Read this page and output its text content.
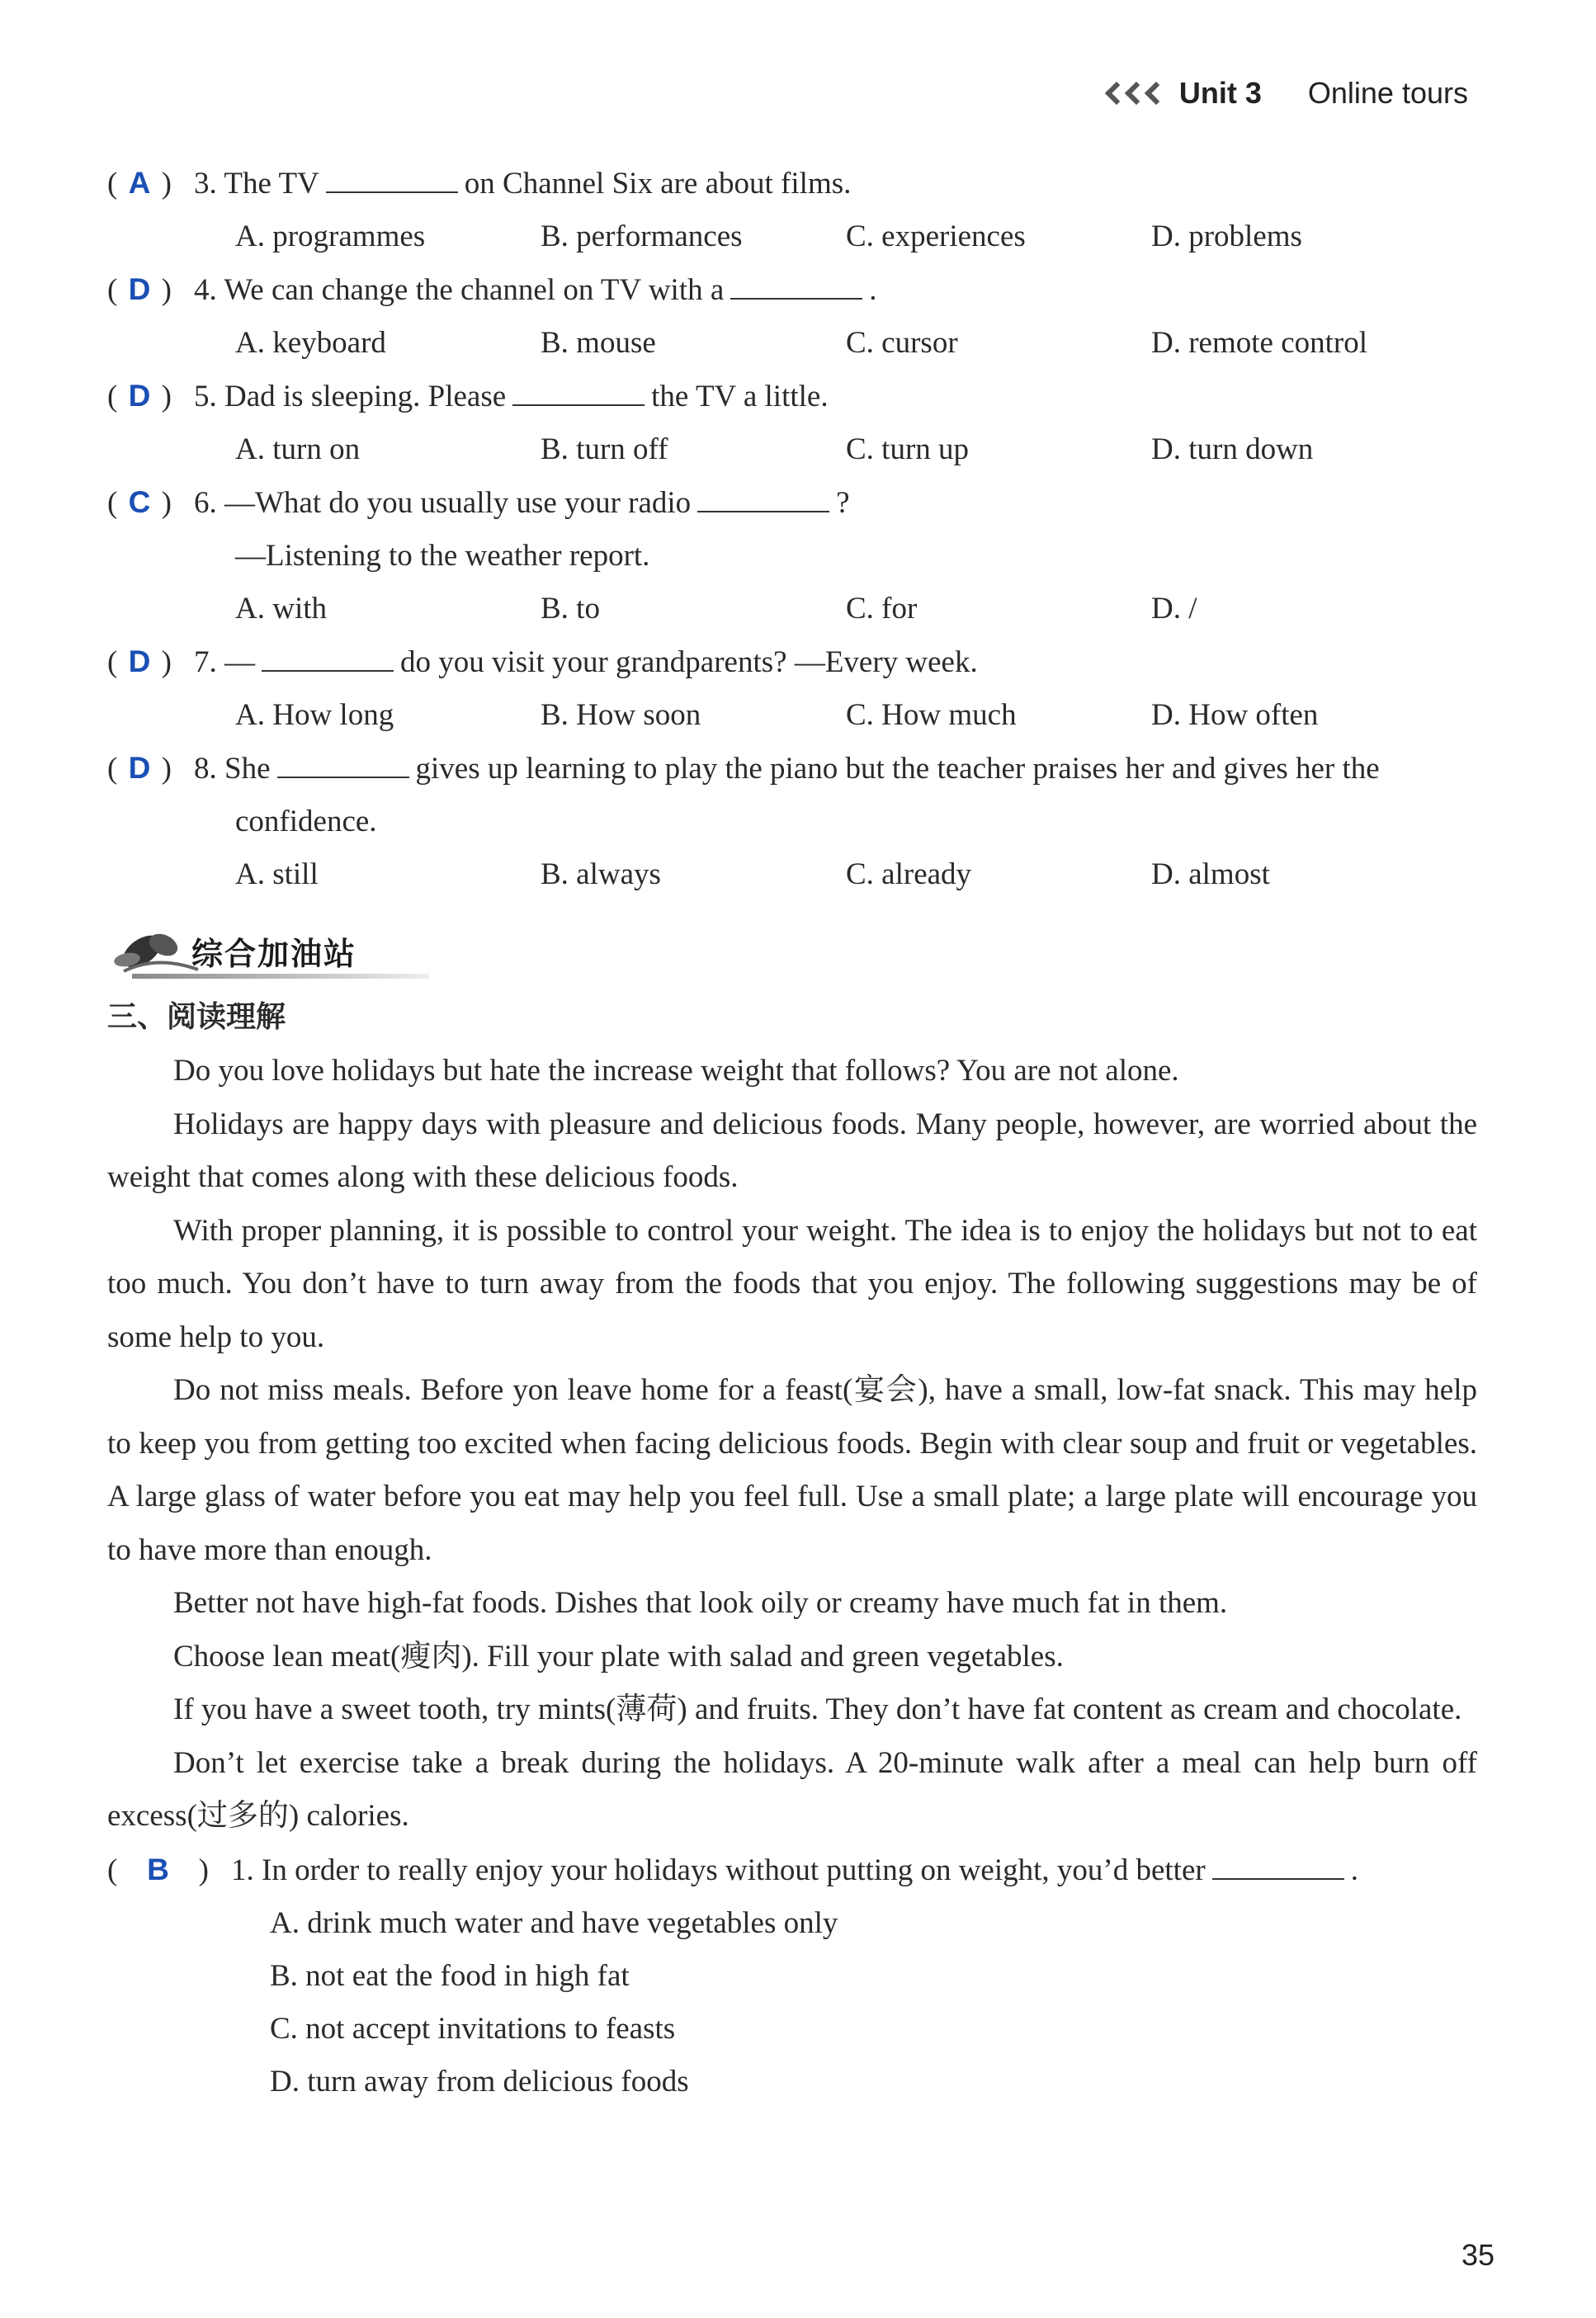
Unit 3 Online tours
( A ) 3. The TV	on Channel Six are about films.
A. programmes	B. performances	C. experiences	D. problems
( D ) 4. We can change the channel on TV with a	.
A. keyboard	B. mouse	C. cursor	D. remote control
( D ) 5. Dad is sleeping. Please	the TV a little.
A. turn on	B. turn off	C. turn up	D. turn down
( C ) 6. —What do you usually use your radio	?
—Listening to the weather report.
A. with	B. to	C. for	D. /
( D ) 7. —	do you visit your grandparents? —Every week.
A. How long	B. How soon	C. How much	D. How often
( D ) 8. She	gives up learning to play the piano but the teacher praises her and gives her the
confidence.
A. still	B. always	C. already	D. almost
综合加油站
三、阅读理解

Do you love holidays but hate the increase weight that follows? You are not alone.

Holidays are happy days with pleasure and delicious foods. Many people, however, are worried about the weight that comes along with these delicious foods.

With proper planning, it is possible to control your weight. The idea is to enjoy the holidays but not to eat too much. You don’t have to turn away from the foods that you enjoy. The following suggestions may be of some help to you.

Do not miss meals. Before yon leave home for a feast(宴会), have a small, low-fat snack. This may help to keep you from getting too excited when facing delicious foods. Begin with clear soup and fruit or vegetables. A large glass of water before you eat may help you feel full. Use a small plate; a large plate will encourage you to have more than enough.

Better not have high-fat foods. Dishes that look oily or creamy have much fat in them.

Choose lean meat(瘦肉). Fill your plate with salad and green vegetables.

If you have a sweet tooth, try mints(薄荷) and fruits. They don’t have fat content as cream and chocolate.

Don’t let exercise take a break during the holidays. A 20-minute walk after a meal can help burn off excess(过多的) calories.

(   B   ) 1. In order to really enjoy your holidays without putting on weight, you’d better	.
A. drink much water and have vegetables only
B. not eat the food in high fat
C. not accept invitations to feasts
D. turn away from delicious foods
35
